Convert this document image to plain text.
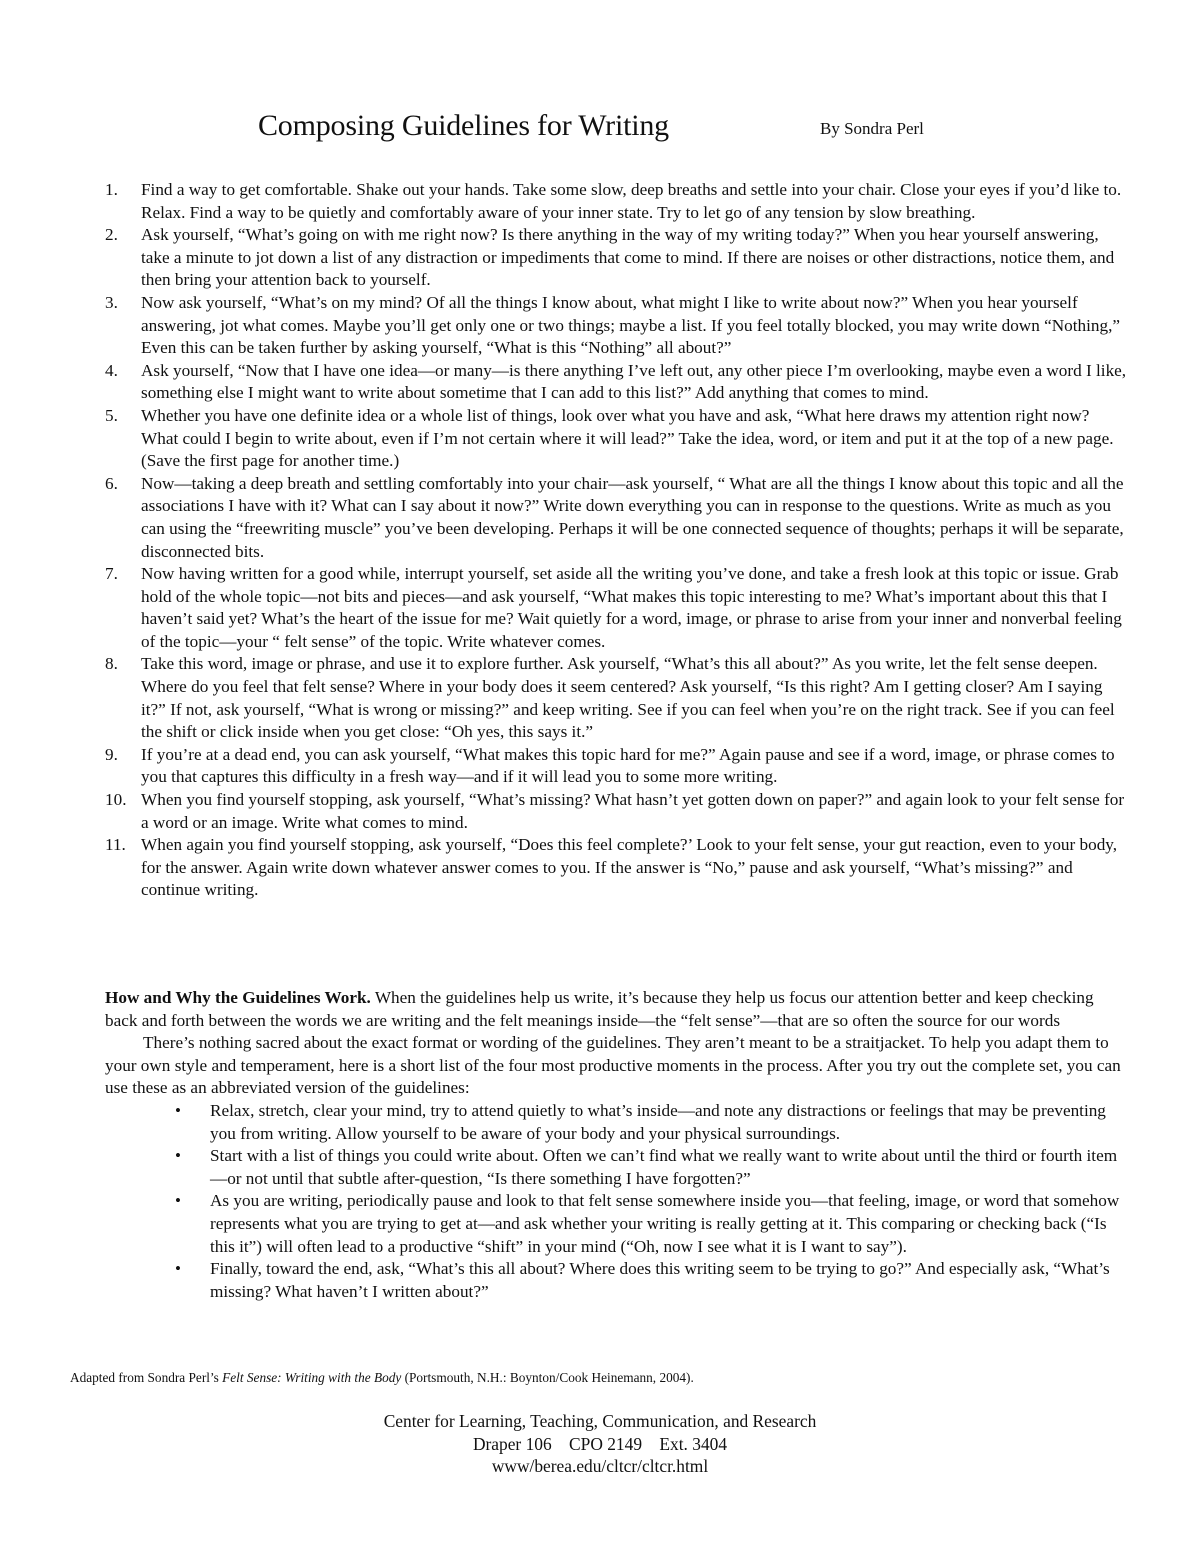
Composing Guidelines for Writing	By Sondra Perl
1.	Find a way to get comfortable. Shake out your hands. Take some slow, deep breaths and settle into your chair. Close your eyes if you’d like to. Relax. Find a way to be quietly and comfortably aware of your inner state. Try to let go of any tension by slow breathing.
2.	Ask yourself, “What’s going on with me right now? Is there anything in the way of my writing today?” When you hear yourself answering, take a minute to jot down a list of any distraction or impediments that come to mind. If there are noises or other distractions, notice them, and then bring your attention back to yourself.
3.	Now ask yourself, “What’s on my mind? Of all the things I know about, what might I like to write about now?” When you hear yourself answering, jot what comes. Maybe you’ll get only one or two things; maybe a list. If you feel totally blocked, you may write down “Nothing,” Even this can be taken further by asking yourself, “What is this “Nothing” all about?”
4.	Ask yourself, “Now that I have one idea—or many—is there anything I’ve left out, any other piece I’m overlooking, maybe even a word I like, something else I might want to write about sometime that I can add to this list?” Add anything that comes to mind.
5.	Whether you have one definite idea or a whole list of things, look over what you have and ask, “What here draws my attention right now? What could I begin to write about, even if I’m not certain where it will lead?” Take the idea, word, or item and put it at the top of a new page. (Save the first page for another time.)
6.	Now—taking a deep breath and settling comfortably into your chair—ask yourself, “ What are all the things I know about this topic and all the associations I have with it? What can I say about it now?” Write down everything you can in response to the questions. Write as much as you can using the “freewriting muscle” you’ve been developing. Perhaps it will be one connected sequence of thoughts; perhaps it will be separate, disconnected bits.
7.	Now having written for a good while, interrupt yourself, set aside all the writing you’ve done, and take a fresh look at this topic or issue. Grab hold of the whole topic—not bits and pieces—and ask yourself, “What makes this topic interesting to me? What’s important about this that I haven’t said yet? What’s the heart of the issue for me? Wait quietly for a word, image, or phrase to arise from your inner and nonverbal feeling of the topic—your “ felt sense” of the topic. Write whatever comes.
8.	Take this word, image or phrase, and use it to explore further. Ask yourself, “What’s this all about?” As you write, let the felt sense deepen. Where do you feel that felt sense? Where in your body does it seem centered? Ask yourself, “Is this right? Am I getting closer? Am I saying it?” If not, ask yourself, “What is wrong or missing?” and keep writing. See if you can feel when you’re on the right track. See if you can feel the shift or click inside when you get close: “Oh yes, this says it.”
9.	If you’re at a dead end, you can ask yourself, “What makes this topic hard for me?” Again pause and see if a word, image, or phrase comes to you that captures this difficulty in a fresh way—and if it will lead you to some more writing.
10. When you find yourself stopping, ask yourself, “What’s missing? What hasn’t yet gotten down on paper?” and again look to your felt sense for a word or an image. Write what comes to mind.
11. When again you find yourself stopping, ask yourself, “Does this feel complete?’ Look to your felt sense, your gut reaction, even to your body, for the answer. Again write down whatever answer comes to you. If the answer is “No,” pause and ask yourself, “What’s missing?” and continue writing.

How and Why the Guidelines Work. When the guidelines help us write, it’s because they help us focus our attention better and keep checking back and forth between the words we are writing and the felt meanings inside—the “felt sense”—that are so often the source for our words

There’s nothing sacred about the exact format or wording of the guidelines. They aren’t meant to be a straitjacket. To help you adapt them to your own style and temperament, here is a short list of the four most productive moments in the process. After you try out the complete set, you can use these as an abbreviated version of the guidelines:

• Relax, stretch, clear your mind, try to attend quietly to what’s inside—and note any distractions or feelings that may be preventing you from writing. Allow yourself to be aware of your body and your physical surroundings.
• Start with a list of things you could write about. Often we can’t find what we really want to write about until the third or fourth item—or not until that subtle after-question, “Is there something I have forgotten?”
• As you are writing, periodically pause and look to that felt sense somewhere inside you—that feeling, image, or word that somehow represents what you are trying to get at—and ask whether your writing is really getting at it. This comparing or checking back (“Is this it”) will often lead to a productive “shift” in your mind (“Oh, now I see what it is I want to say”).
• Finally, toward the end, ask, “What’s this all about? Where does this writing seem to be trying to go?” And especially ask, “What’s missing? What haven’t I written about?”
Adapted from Sondra Perl’s Felt Sense: Writing with the Body (Portsmouth, N.H.: Boynton/Cook Heinemann, 2004).
Center for Learning, Teaching, Communication, and Research
Draper 106    CPO 2149    Ext. 3404
www/berea.edu/cltcr/cltcr.html
